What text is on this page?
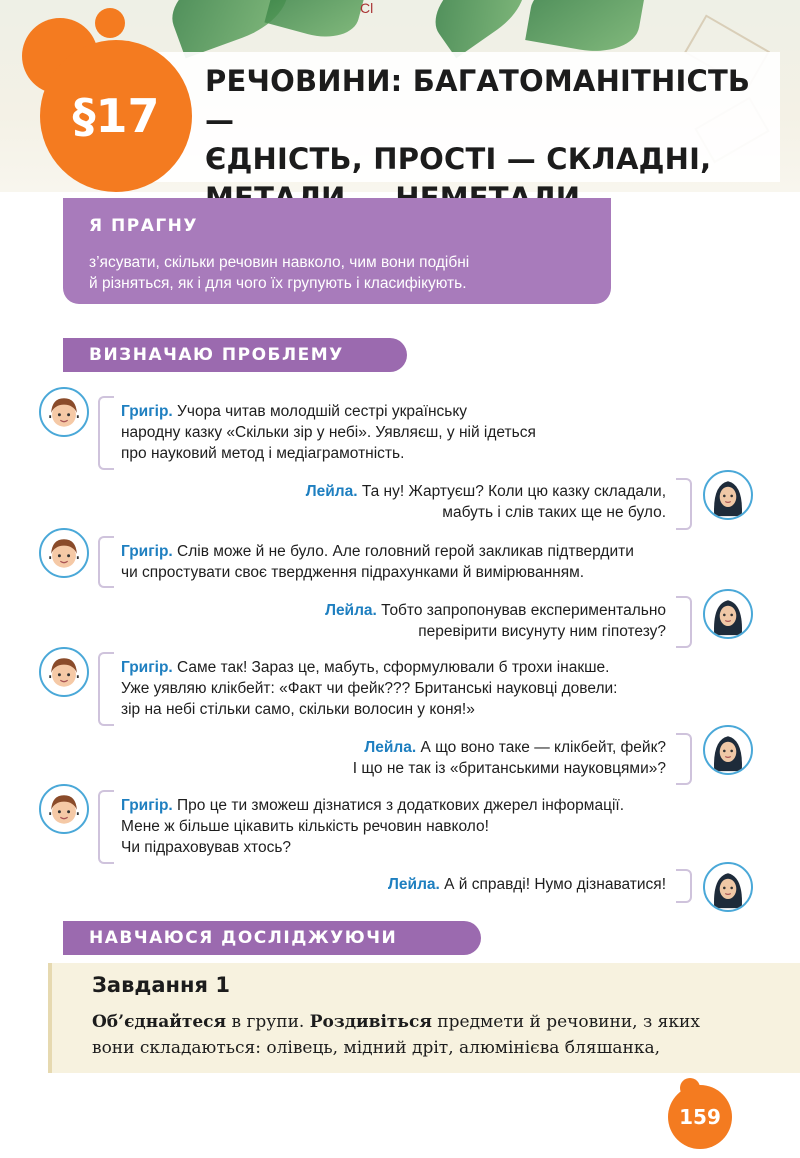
Cl
§17
РЕЧОВИНИ: БАГАТОМАНІТНІСТЬ —
ЄДНІСТЬ, ПРОСТІ — СКЛАДНІ,
Я ПРАГНУ
з’ясувати, скільки речовин навколо, чим вони подібні
й різняться, як і для чого їх групують і класифікують.
ВИЗНАЧАЮ ПРОБЛЕМУ
Григір. Учора читав молодшій сестрі українську
народну казку «Скільки зір у небі». Уявляєш, у ній ідеться
про науковий метод і медіаграмотність.
Лейла. Та ну! Жартуєш? Коли цю казку складали,
мабуть і слів таких ще не було.
Григір. Слів може й не було. Але головний герой закликав підтвердити
чи спростувати своє твердження підрахунками й вимірюванням.
Лейла. Тобто запропонував експериментально
перевірити висунуту ним гіпотезу?
Григір. Саме так! Зараз це, мабуть, сформулювали б трохи інакше.
Уже уявляю клікбейт: «Факт чи фейк??? Британські науковці довели:
зір на небі стільки само, скільки волосин у коня!»
Лейла. А що воно таке — клікбейт, фейк?
І що не так із «британськими науковцями»?
Григір. Про це ти зможеш дізнатися з додаткових джерел інформації.
Мене ж більше цікавить кількість речовин навколо!
Чи підраховував хтось?
Лейла. А й справді! Нумо дізнаватися!
НАВЧАЮСЯ ДОСЛІДЖУЮЧИ
Завдання 1
Об’єднайтеся в групи. Роздивіться предмети й речовини, з яких
вони складаються: олівець, мідний дріт, алюмінієва бляшанка,
159
